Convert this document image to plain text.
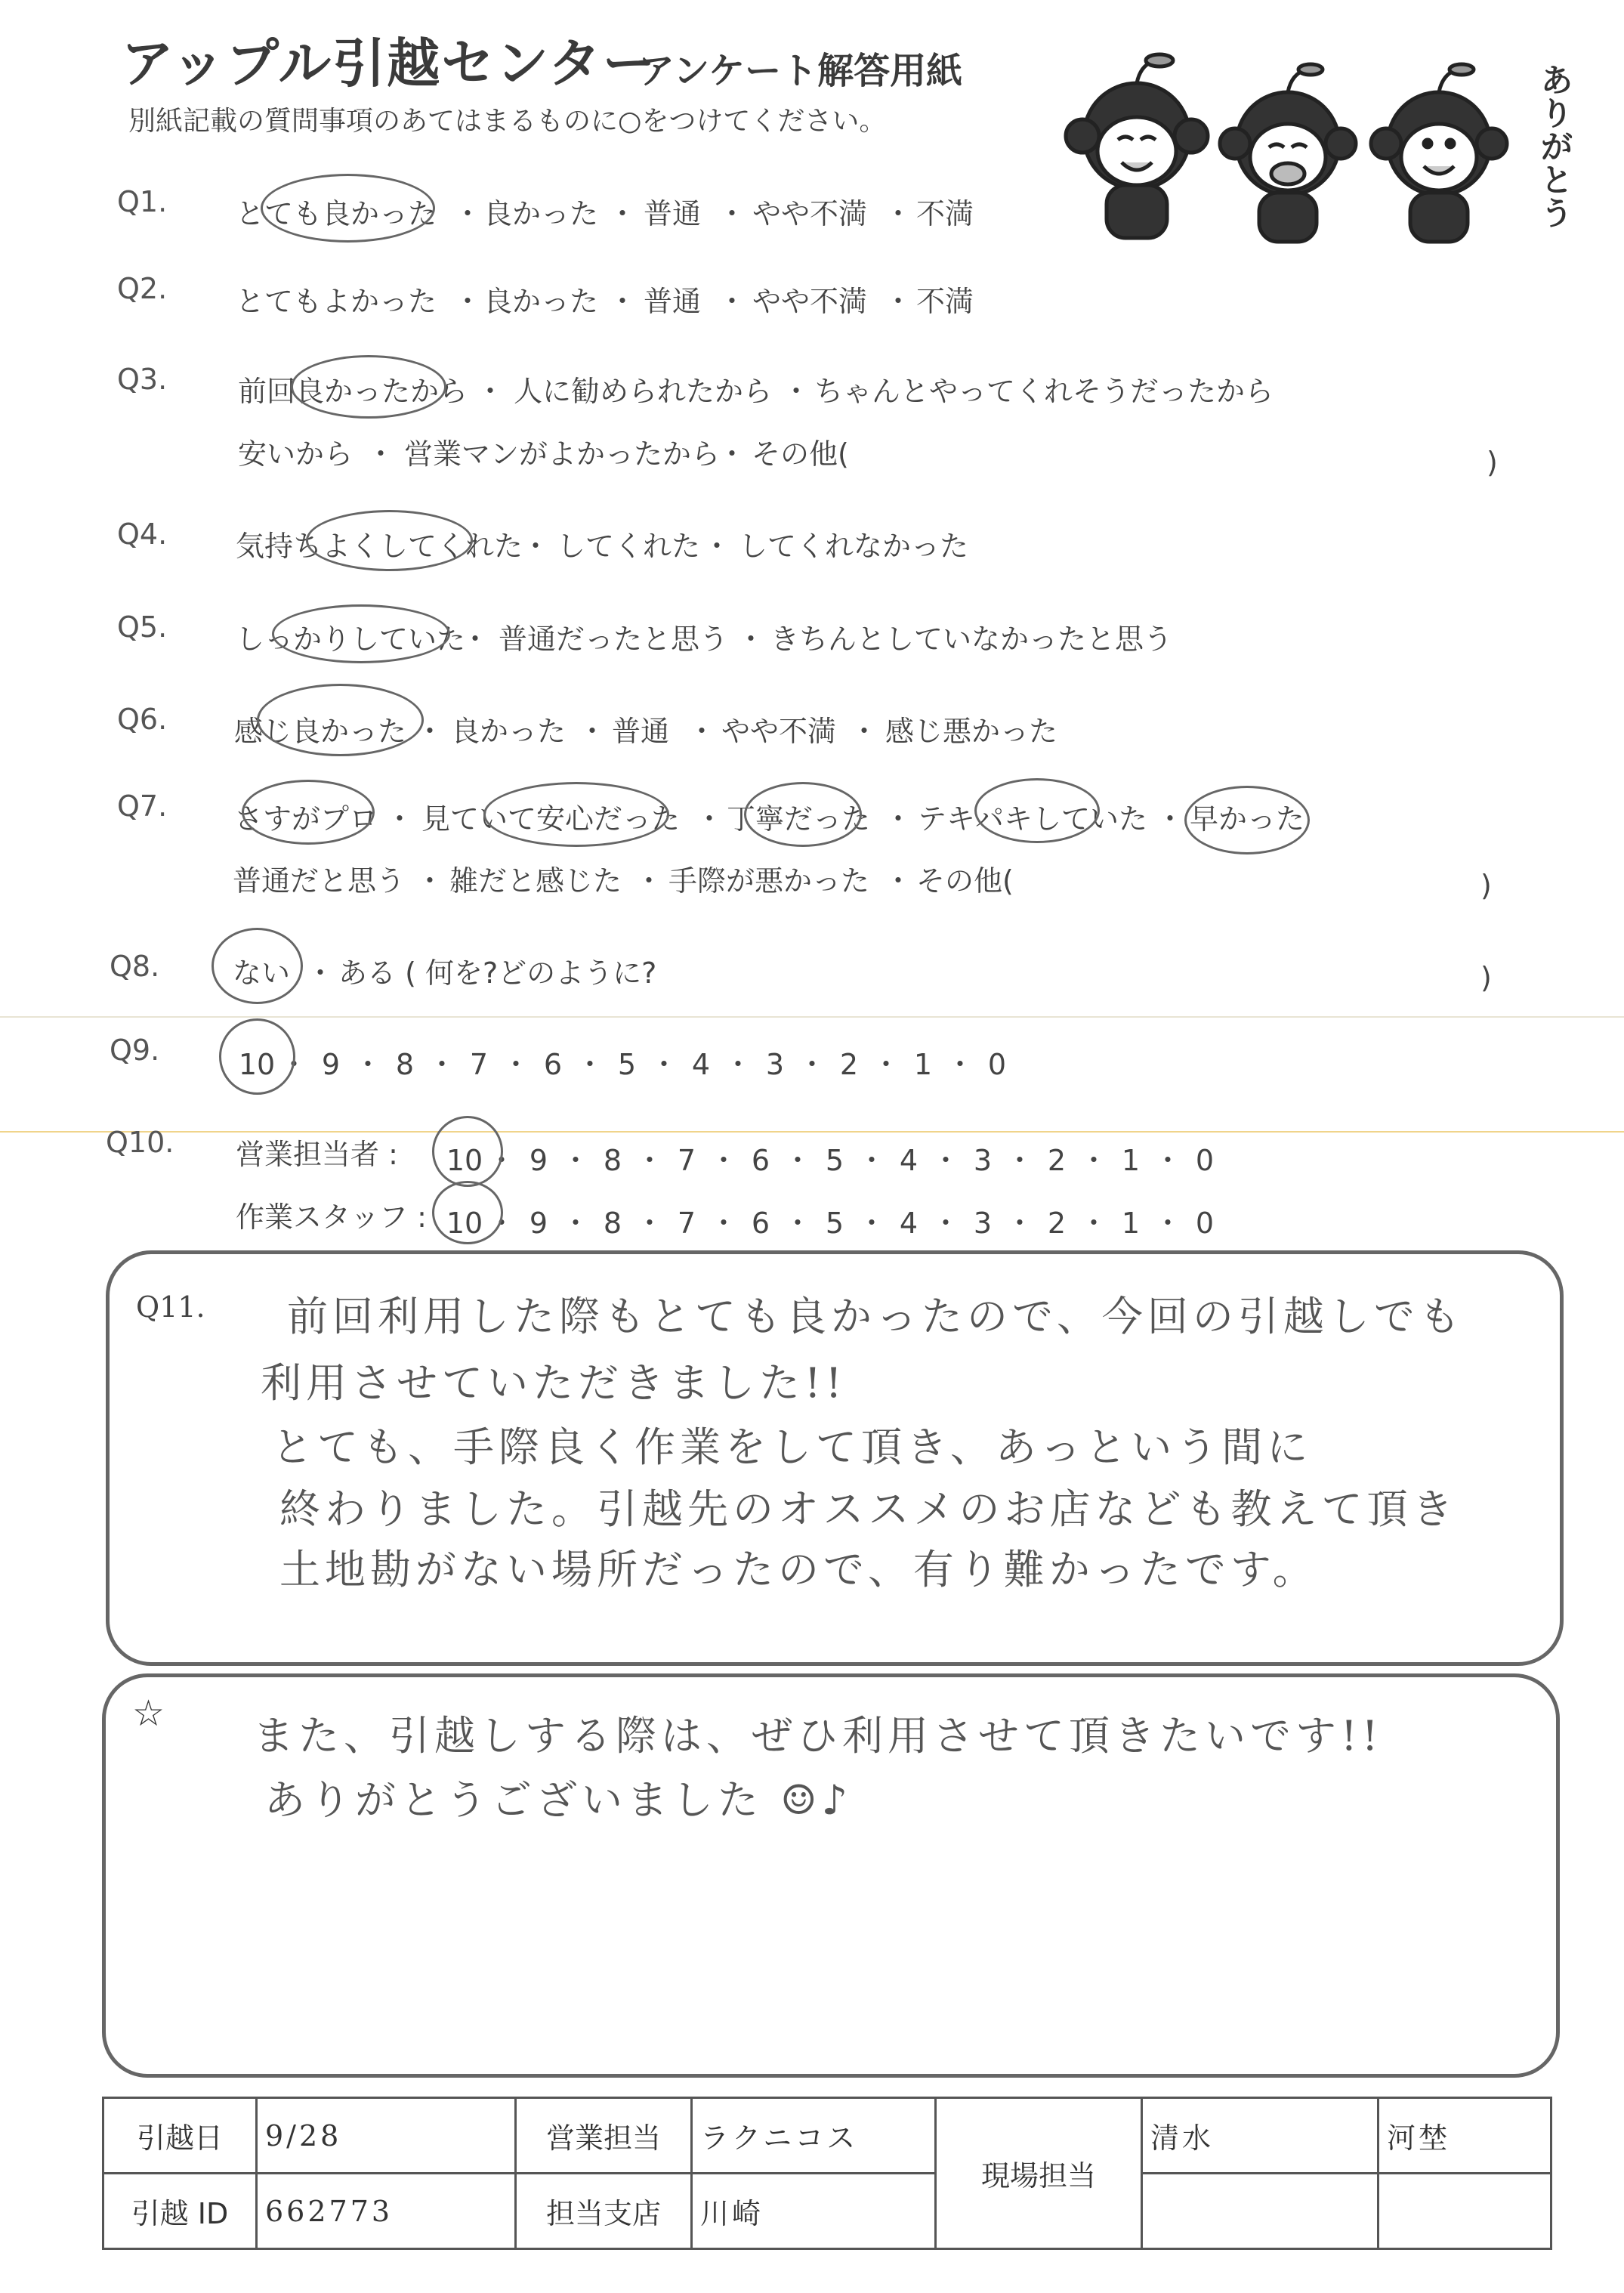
アップル引越センター
アンケート解答用紙
別紙記載の質問事項のあてはまるものに○をつけてください。
ありがとう
Q1. とても良かった ・ 良かった ・ 普通 ・ やや不満 ・ 不満
Q2. とてもよかった ・ 良かった ・ 普通 ・ やや不満 ・ 不満
Q3. 前回良かったから ・ 人に勧められたから ・ ちゃんとやってくれそうだったから
安いから ・ 営業マンがよかったから
・ その他(	)
Q4. 気持ちよくしてくれた
・ してくれた ・ してくれなかった
Q5. しっかりしていた
・ 普通だったと思う ・ きちんとしていなかったと思う
Q6. 感じ良かった ・ 良かった ・ 普通 ・ やや不満 ・ 感じ悪かった
Q7. さすがプロ ・ 見ていて安心だった ・ 丁寧だった ・ テキパキしていた ・ 早かった
普通だと思う ・ 雑だと感じた ・ 手際が悪かった ・ その他(	)
Q8.	ない ・ ある ( 何を?どのように?	)
Q9.	10 ・ 9 ・ 8 ・ 7 ・ 6 ・ 5 ・ 4 ・ 3 ・ 2 ・ 1 ・ 0
Q10. 営業担当者 : 10 ・ 9 ・ 8 ・ 7 ・ 6 ・ 5 ・ 4 ・ 3 ・ 2 ・ 1 ・ 0
作業スタッフ : 10 ・ 9 ・ 8 ・ 7 ・ 6 ・ 5 ・ 4 ・ 3 ・ 2 ・ 1 ・ 0
Q11. 前回利用した際もとても良かったので、今回の引越しでも
利用させていただきました!!
とても、手際良く作業をして頂き、あっという間に
終わりました。引越先のオススメのお店なども教えて頂き
土地勘がない場所だったので、有り難かったです。
☆ また、引越しする際は、ぜひ利用させて頂きたいです!!
ありがとうございました ☺♪
引越日	9/28	営業担当	ラクニコス	現場担当	清水	河埜
引越 ID	662773	担当支店	川崎			
